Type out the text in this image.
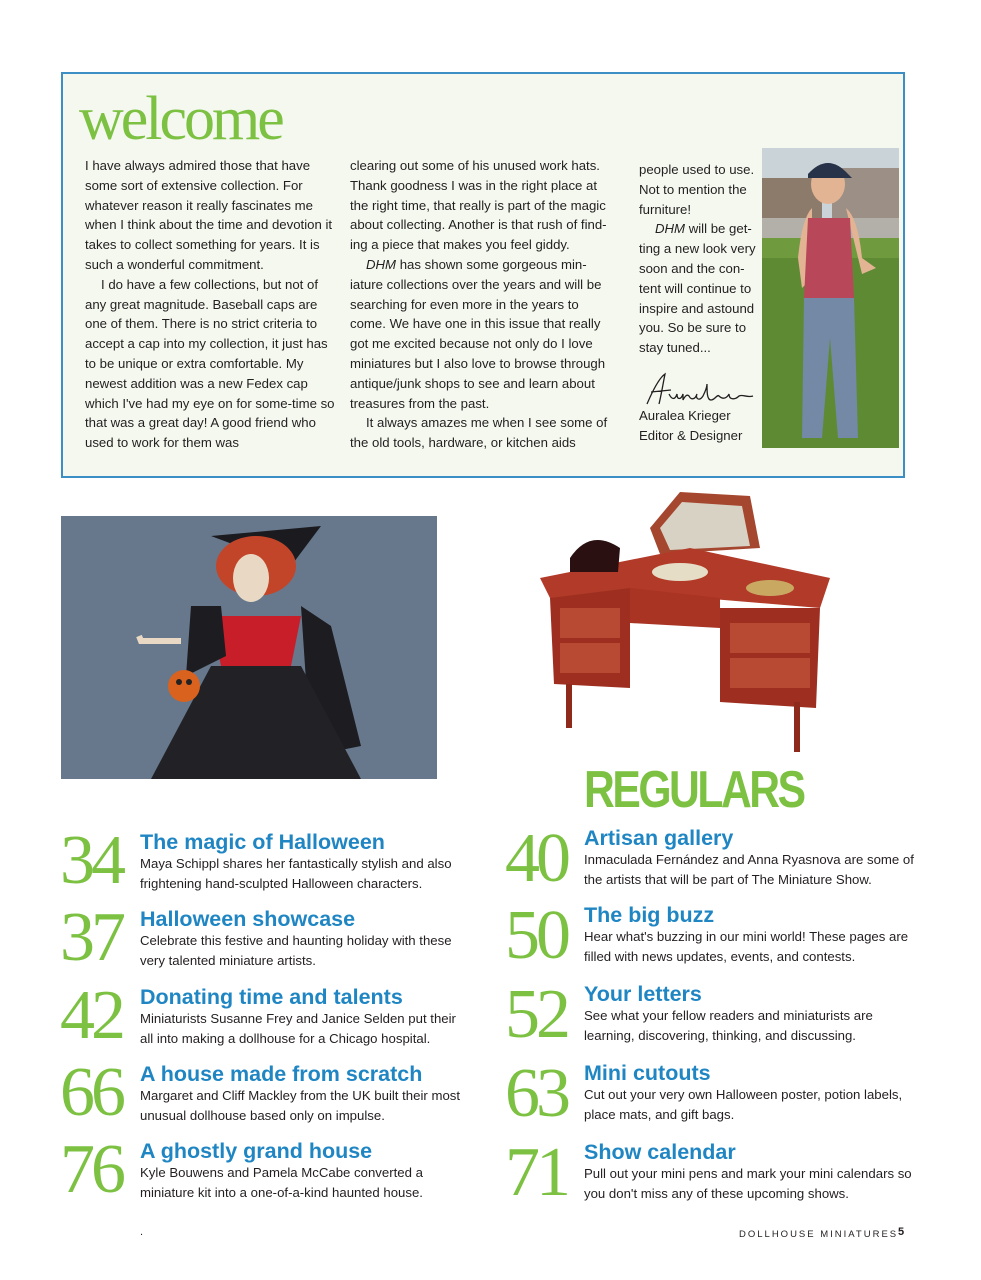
welcome

I have always admired those that have some sort of extensive collection. For whatever reason it really fascinates me when I think about the time and devotion it takes to collect something for years. It is such a wonderful commitment.

I do have a few collections, but not of any great magnitude. Baseball caps are one of them. There is no strict criteria to accept a cap into my collection, it just has to be unique or extra comfortable. My newest addition was a new Fedex cap which I've had my eye on for some-time so that was a great day! A good friend who used to work for them was

clearing out some of his unused work hats. Thank goodness I was in the right place at the right time, that really is part of the magic about collecting. Another is that rush of find-ing a piece that makes you feel giddy.

DHM has shown some gorgeous min-iature collections over the years and will be searching for even more in the years to come. We have one in this issue that really got me excited because not only do I love miniatures but I also love to browse through antique/junk shops to see and learn about treasures from the past.

It always amazes me when I see some of the old tools, hardware, or kitchen aids

people used to use. Not to mention the furniture!

DHM will be get-ting a new look very soon and the con-tent will continue to inspire and astound you. So be sure to stay tuned...

Auralea Krieger

Editor & Designer

REGULARS
34 The magic of Halloween
Maya Schippl shares her fantastically stylish and also frightening hand-sculpted Halloween characters.
37 Halloween showcase
Celebrate this festive and haunting holiday with these very talented miniature artists.
42 Donating time and talents
Miniaturists Susanne Frey and Janice Selden put their all into making a dollhouse for a Chicago hospital.
66 A house made from scratch
Margaret and Cliff Mackley from the UK built their most unusual dollhouse based only on impulse.
76 A ghostly grand house
Kyle Bouwens and Pamela McCabe converted a miniature kit into a one-of-a-kind haunted house.
40 Artisan gallery
Inmaculada Fernández and Anna Ryasnova are some of the artists that will be part of The Miniature Show.
50 The big buzz
Hear what's buzzing in our mini world! These pages are filled with news updates, events, and contests.
52 Your letters
See what your fellow readers and miniaturists are learning, discovering, thinking, and discussing.
63 Mini cutouts
Cut out your very own Halloween poster, potion labels, place mats, and gift bags.
71 Show calendar
Pull out your mini pens and mark your mini calendars so you don't miss any of these upcoming shows.
.	DOLLHOUSE MINIATURES 5
